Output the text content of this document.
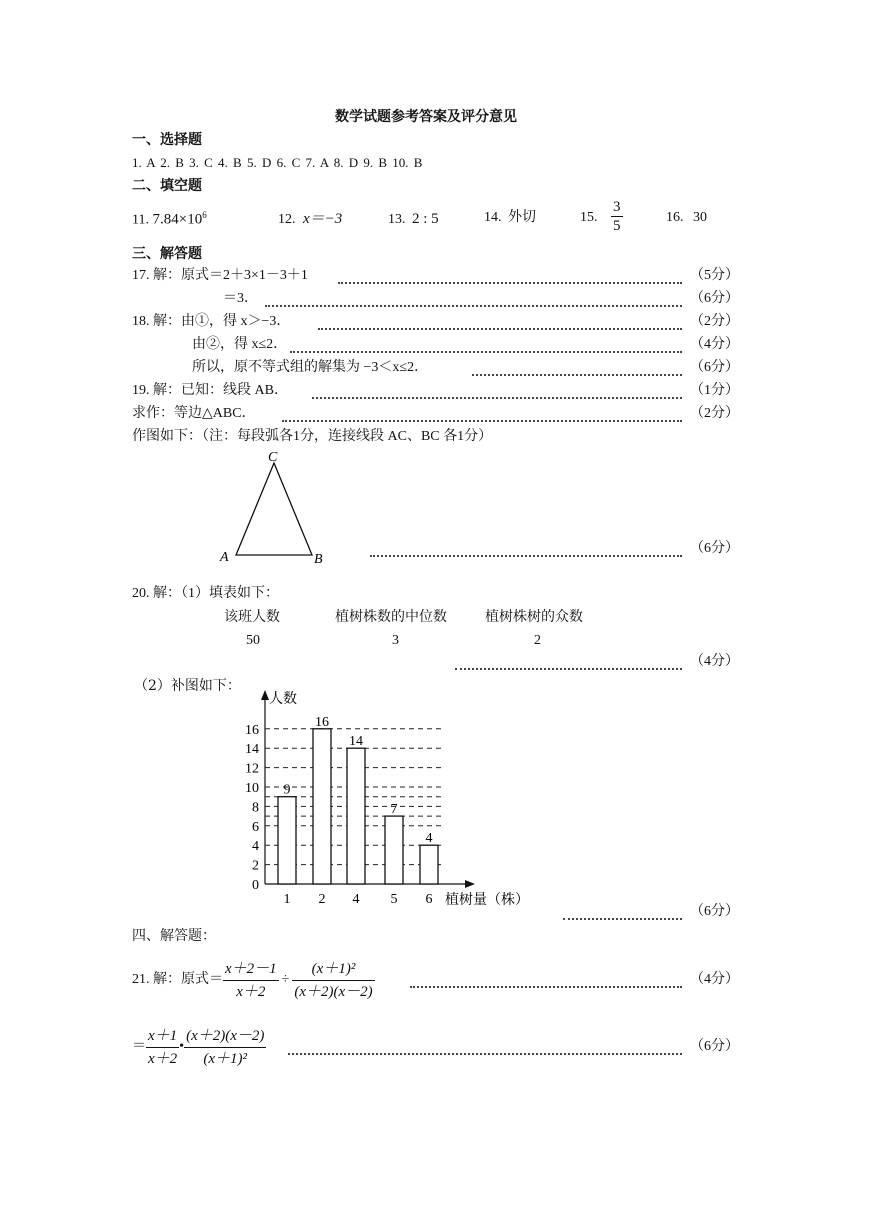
数学试题参考答案及评分意见
一、选择题
1. A 2. B 3. C 4. B 5. D 6. C 7. A 8. D 9. B 10. B
二、填空题
11. $7.84\times 10^6$	12. x＝−3	13. 2 : 5	14. 外切	15. $\frac{3}{5}$	16. 30
三、解答题
17. 解：原式＝2＋3×1－3＋1	（5分）
＝3．	（6分）
18. 解：由①，得 x＞−3．	（2分）
由②，得 x≤2．	（4分）
所以，原不等式组的解集为 −3＜x≤2．	（6分）
19. 解：已知：线段 AB．	（1分）
求作：等边△ABC．	（2分）
作图如下：（注：每段弧各1分，连接线段 AC、BC 各1分）
C
A	B
（6分）
20. 解：（1）填表如下：
该班人数	植树株数的中位数	植树株树的众数
50	3	2
（4分）
（2）补图如下：
人数
植树量（株）
0
2
4
6
8
10
12
14
16
9
16
14
7
4
1 2 4 5 6
（6分）
四、解答题：
21. 解：原式＝ $\frac{x+2-1}{x+2} \div \frac{\text{(x＋1)²}}{(x+2)(x-2)}$	（4分）
＝ $\frac{x+1}{x+2}$ • $\frac{(x+2)(x-2)}{\text{(x＋1)²}}$	（6分）
